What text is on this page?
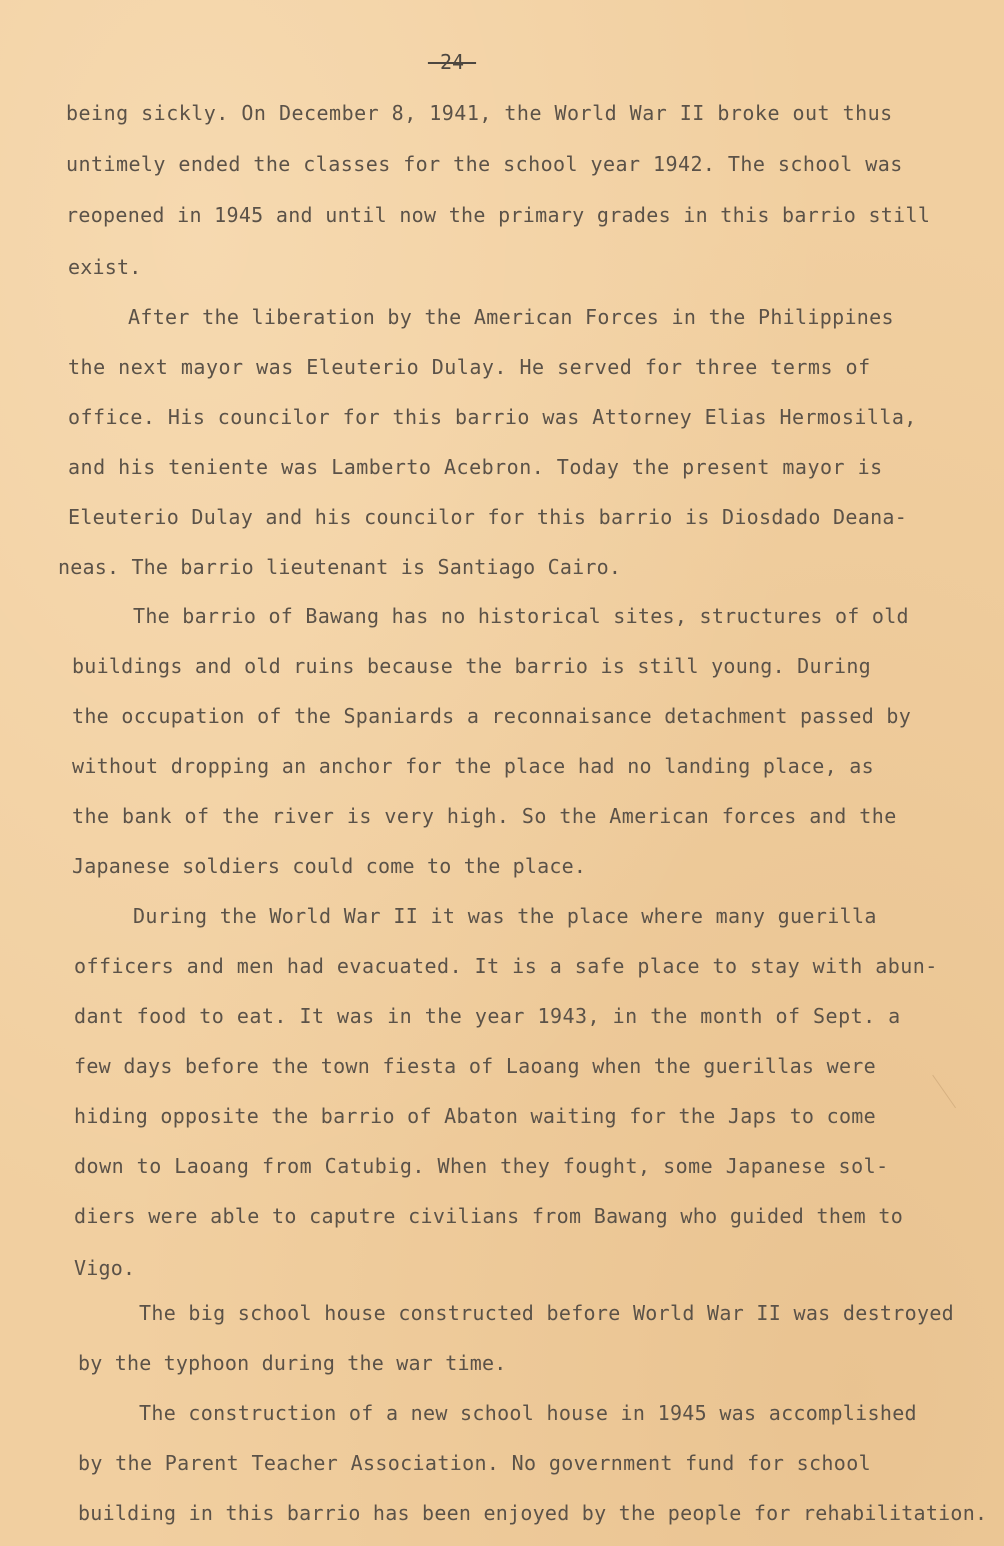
-24-
being sickly. On December 8, 1941, the World War II broke out thus
untimely ended the classes for the school year 1942. The school was
reopened in 1945 and until now the primary grades in this barrio still
exist.
After the liberation by the American Forces in the Philippines
the next mayor was Eleuterio Dulay. He served for three terms of
office. His councilor for this barrio was Attorney Elias Hermosilla,
and his teniente was Lamberto Acebron. Today the present mayor is
Eleuterio Dulay and his councilor for this barrio is Diosdado Deana-
neas. The barrio lieutenant is Santiago Cairo.
The barrio of Bawang has no historical sites, structures of old
buildings and old ruins because the barrio is still young. During
the occupation of the Spaniards a reconnaisance detachment passed by
without dropping an anchor for the place had no landing place, as
the bank of the river is very high. So the American forces and the
Japanese soldiers could come to the place.
During the World War II it was the place where many guerilla
officers and men had evacuated. It is a safe place to stay with abun-
dant food to eat. It was in the year 1943, in the month of Sept. a
few days before the town fiesta of Laoang when the guerillas were
hiding opposite the barrio of Abaton waiting for the Japs to come
down to Laoang from Catubig. When they fought, some Japanese sol-
diers were able to caputre civilians from Bawang who guided them to
Vigo.
The big school house constructed before World War II was destroyed
by the typhoon during the war time.
The construction of a new school house in 1945 was accomplished
by the Parent Teacher Association. No government fund for school
building in this barrio has been enjoyed by the people for rehabilitation.
